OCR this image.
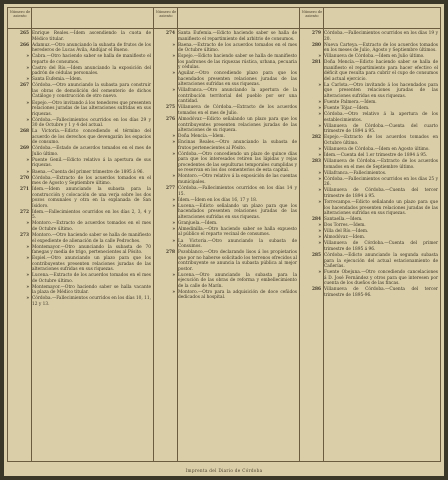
Número de asiento
265 Enrique Reales.—Ídem ascendiendo la cuota de Médico titular.
266 Adamuz.—Otro anunciando la subasta de frutos de los herederos de Lucas Ávila, Andújar el Bueno.
» Cabra.—Otro haciendo saber se halla de manifiesto el reparto de consumos.
» Castro del Río.—Ídem anunciando la exposición del padrón de cédulas personales.
» Santa Eufemia.—Ídem.
267 Córdoba.—Otro anunciando la subasta para construir las obras de demolición del cementerio de dichos Catálogo y construcción de otro nuevo.
» Espejo.—Otro invitando á los tenedores que presenten relaciones juradas de las alteraciones sufridas en sus riquezas.
» Córdoba.—Fallecimientos ocurridos en los días 29 y 30 de Octubre y 1 y 4 del actual.
268 La Victoria.—Edicto concediendo el término del acuerdo de los derechos que devengarán los espacios de consumo.
269 Córdoba.—Estado de acuerdos tomados en el mes de Julio último.
» Puente Genil.—Edicto relativo á la apertura de sus riquezas.
» Baena.—Cuenta del primer trimestre de 1895 á 96.
270 Córdoba.—Extracto de los acuerdos tomados en el mes de Agosto y Septiembre último.
271 Ídem.—Ídem anunciando la subasta para la construcción y colocación de una verja sobre los dos pozos comunales y otra en la explanada de San Isidoro.
272 Ídem.—Fallecimientos ocurridos en los días 2, 3, 4 y 5.
» Montoro.—Extracto de acuerdos tomados en el mes de Octubre último.
273 Montoro.—Otro haciendo saber se halla de manifiesto el expediente de alienación de la calle Pedroches.
» Montemayor.—Otro anunciando la subasta de 70 fanegas y media de trigo, pertenecientes al Pósito.
» Espiel.—Otro anunciando un plazo para que los contribuyentes presenten relaciones juradas de las alteraciones sufridas en sus riquezas.
» Lucena.—Extracto de los acuerdos tomados en el mes de Octubre último.
» Montemayor.—Otro haciendo saber se halla vacante la plaza de Médico titular.
» Córdoba.—Fallecimientos ocurridos en los días 10, 11, 12 y 13.
Número de asiento
274 Santa Eufemia.—Edicto haciendo saber se halla de manifiesto el repartimiento del arbitrio de consumos.
» Baena.—Extracto de los acuerdos tomados en el mes de Octubre último.
» Espejo.—Edicto haciendo saber se halla de manifiesto los padrones de las riquezas rústica, urbana, pecuaria y cédulas.
» Aguilar.—Otro concediendo plazo para que los hacendados presenten relaciones juradas de las alteraciones sufridas en sus riquezas.
» Villafranca.—Otro anunciando la apertura de la contribución territorial del pueblo por ser una cantidad.
275 Villanueva de Córdoba.—Extracto de los acuerdos tomados en el mes de Julio.
276 Almodóvar.—Edicto señalando un plazo para que los contribuyentes presenten relaciones juradas de las alteraciones de su riqueza.
» Doña Mencía.—Ídem.
» Encinas Reales.—Otro anunciando la subasta de frutos pertenecientes al Pósito.
» Córdoba.—Otro concediendo un plazo de quince días para que los interesados retiren las lápidas y rejas procedentes de las sepulturas temporales cumplidas y se reservan en los dos cementerios de esta capital.
» Montoro.—Otro relativo á la exposición de las cuentas municipales.
277 Córdoba.—Fallecimientos ocurridos en los días 14 y 15.
» Ídem.—Ídem en los días 16, 17 y 18.
» Lucena.—Edicto señalando un plazo para que los hacendados presenten relaciones juradas de las alteraciones sufridas en sus riquezas.
» Granjuela.—Ídem.
» Almedinilla.—Otro haciendo saber se halla expuesto al público el reparto vecinal de consumos.
» La Victoria.—Otro anunciando la subasta de Consumos.
278 Pozoblanco.—Otro declarando lisos á los propietarios que por no haberse solicitado los terrenos ofrecidos al contribuyente se anuncia la subasta pública al mejor postor.
» Lucena.—Otro anunciando la subasta para la ejecución de las obras de reforma y embellecimiento de la calle de Marín.
» Montoro.—Otro para la adquisición de doce ceñidos dedicados al hospital.
Número de asiento
279 Córdoba.—Fallecimientos ocurridos en los días 19 y 20.
280 Nueva Carteya.—Extracto de los acuerdos tomados en los meses de Julio, Agosto y Septiembre últimos.
» Villanueva de Córdoba.—Ídem en Julio último.
281 Doña Mencía.—Edicto haciendo saber se halla de manifiesto el repartimiento para hacer efectivo el déficit que resulta para cubrir el cupo de consumos del actual ejercicio.
» La Carlota.—Otro invitando á los hacendados para que presenten relaciones juradas de las alteraciones sufridas en sus riquezas.
» Fuente Palmera.—Ídem.
» Fuente Tójar.—Ídem.
» Córdoba.—Otro relativo á la apertura de los establecimientos.
» Villanueva de Córdoba.—Cuenta del cuarto trimestre de 1894 á 95.
282 Espejo.—Extracto de los acuerdos tomados en Octubre último.
» Villanueva de Córdoba.—Ídem en Agosto último.
» Ídem.—Cuenta del 1.er trimestre de 1894 á 95.
283 Villanueva de Córdoba.—Extracto de los acuerdos tomados en el mes de Septiembre último.
» Villafranca.—Fallecimientos.
» Córdoba.—Fallecimientos ocurridos en los días 25 y 26.
» Villanueva de Córdoba.—Cuenta del tercer trimestre de 1894 á 95.
» Torrecampo.—Edicto señalando un plazo para que los hacendados presenten relaciones juradas de las alteraciones sufridas en sus riquezas.
284 Santaella.—Ídem.
» Dos Torres.—Ídem.
» Villa del Río.—Ídem.
» Almodóvar.—Ídem.
» Villanueva de Córdoba.—Cuenta del primer trimestre de 1895 á 96.
285 Córdoba.—Edicto anunciando la segunda subasta para la ejecución del actual estacionamiento de Cañerías.
» Fuente Obejuna.—Otro concediendo cancelaciones á D. José Fernández y otros para que interesen por cuenta de los dueños de las fincas.
286 Villanueva de Córdoba.—Cuenta del tercer trimestre de 1895-96.
Imprenta del Diario de Córdoba
